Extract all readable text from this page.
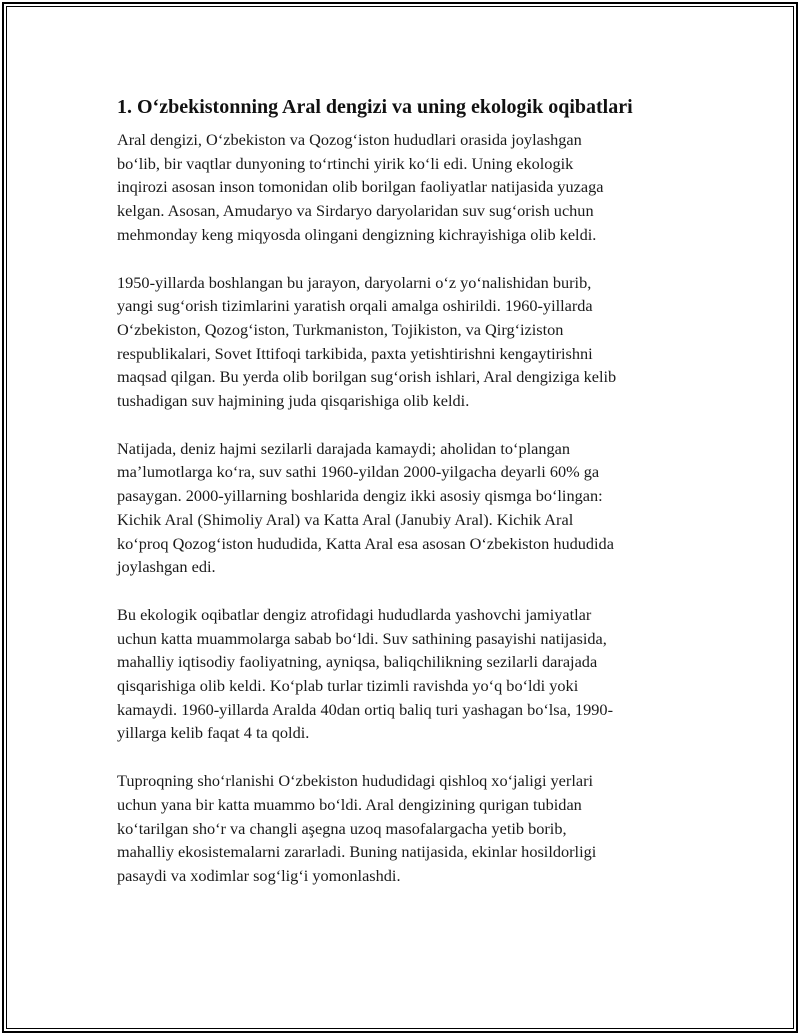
1. O‘zbekistonning Aral dengizi va uning ekologik oqibatlari

Aral dengizi, O‘zbekiston va Qozog‘iston hududlari orasida joylashgan
bo‘lib, bir vaqtlar dunyoning to‘rtinchi yirik ko‘li edi. Uning ekologik
inqirozi asosan inson tomonidan olib borilgan faoliyatlar natijasida yuzaga
kelgan. Asosan, Amudaryo va Sirdaryo daryolaridan suv sug‘orish uchun
mehmonday keng miqyosda olingani dengizning kichrayishiga olib keldi.

1950-yillarda boshlangan bu jarayon, daryolarni o‘z yo‘nalishidan burib,
yangi sug‘orish tizimlarini yaratish orqali amalga oshirildi. 1960-yillarda
O‘zbekiston, Qozog‘iston, Turkmaniston, Tojikiston, va Qirg‘iziston
respublikalari, Sovet Ittifoqi tarkibida, paxta yetishtirishni kengaytirishni
maqsad qilgan. Bu yerda olib borilgan sug‘orish ishlari, Aral dengiziga kelib
tushadigan suv hajmining juda qisqarishiga olib keldi.

Natijada, deniz hajmi sezilarli darajada kamaydi; aholidan to‘plangan
ma’lumotlarga ko‘ra, suv sathi 1960-yildan 2000-yilgacha deyarli 60% ga
pasaygan. 2000-yillarning boshlarida dengiz ikki asosiy qismga bo‘lingan:
Kichik Aral (Shimoliy Aral) va Katta Aral (Janubiy Aral). Kichik Aral
ko‘proq Qozog‘iston hududida, Katta Aral esa asosan O‘zbekiston hududida
joylashgan edi.

Bu ekologik oqibatlar dengiz atrofidagi hududlarda yashovchi jamiyatlar
uchun katta muammolarga sabab bo‘ldi. Suv sathining pasayishi natijasida,
mahalliy iqtisodiy faoliyatning, ayniqsa, baliqchilikning sezilarli darajada
qisqarishiga olib keldi. Ko‘plab turlar tizimli ravishda yo‘q bo‘ldi yoki
kamaydi. 1960-yillarda Aralda 40dan ortiq baliq turi yashagan bo‘lsa, 1990-
yillarga kelib faqat 4 ta qoldi.

Tuproqning sho‘rlanishi O‘zbekiston hududidagi qishloq xo‘jaligi yerlari
uchun yana bir katta muammo bo‘ldi. Aral dengizining qurigan tubidan
ko‘tarilgan sho‘r va changli aşegna uzoq masofalargacha yetib borib,
mahalliy ekosistemalarni zararladi. Buning natijasida, ekinlar hosildorligi
pasaydi va xodimlar sog‘lig‘i yomonlashdi.
